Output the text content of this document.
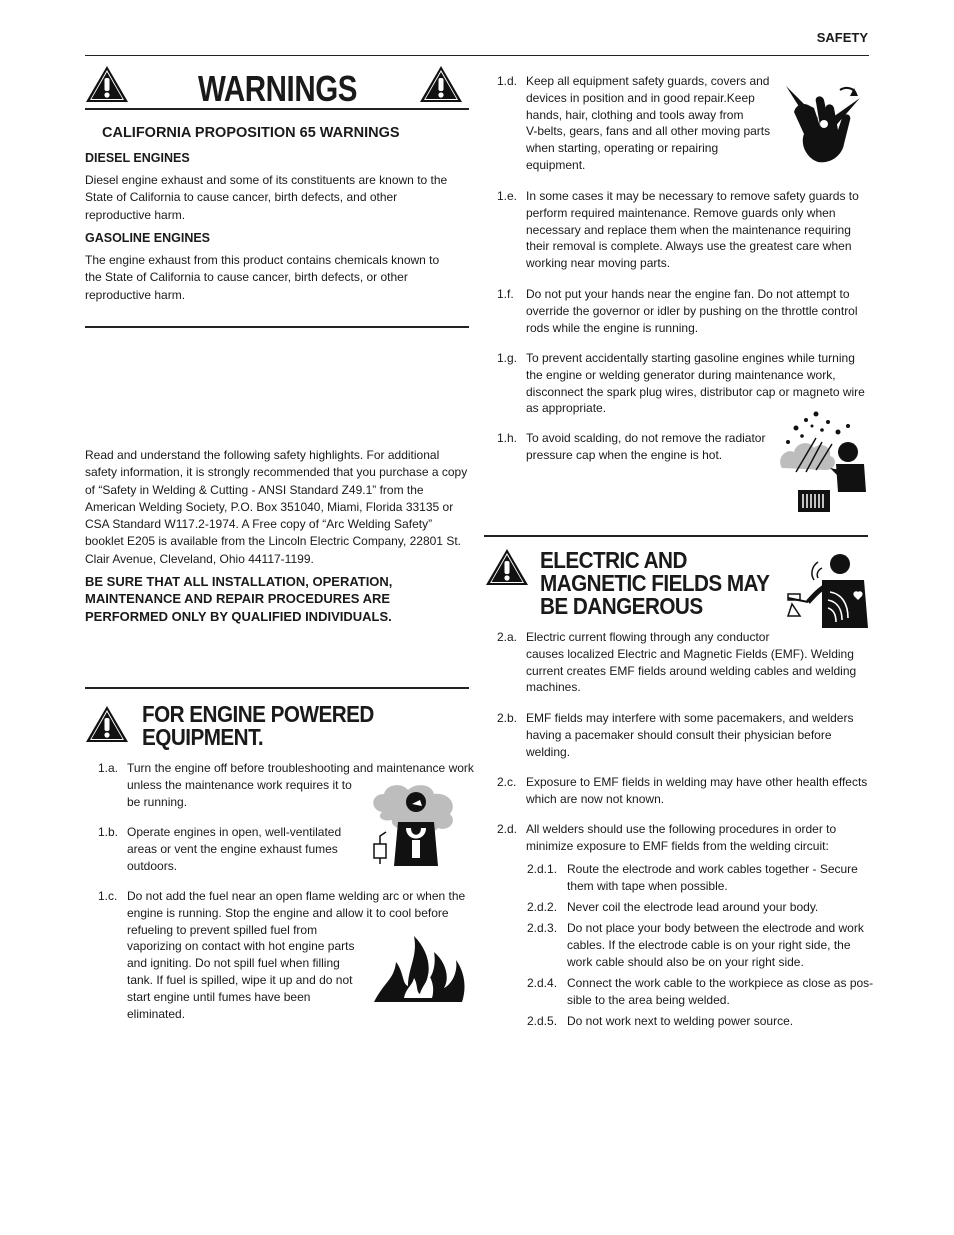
SAFETY
WARNINGS
CALIFORNIA PROPOSITION 65 WARNINGS
DIESEL ENGINES
Diesel engine exhaust and some of its constituents are known to the State of California to cause cancer, birth defects, and other reproductive harm.
GASOLINE ENGINES
The engine exhaust from this product contains chemicals known to the State of California to cause cancer, birth defects, or other reproductive harm.
Read and understand the following safety highlights. For additional safety information, it is strongly recommended that you purchase a copy of “Safety in Welding & Cutting - ANSI Standard Z49.1” from the American Welding Society, P.O. Box 351040, Miami, Florida 33135 or CSA Standard W117.2-1974. A Free copy of “Arc Welding Safety” booklet E205 is available from the Lincoln Electric Company, 22801 St. Clair Avenue, Cleveland, Ohio 44117-1199.
BE SURE THAT ALL INSTALLATION, OPERATION, MAINTENANCE AND REPAIR PROCEDURES ARE PERFORMED ONLY BY QUALIFIED INDIVIDUALS.
FOR ENGINE POWERED
EQUIPMENT.
1.a. Turn the engine off before troubleshooting and maintenance work
unless the maintenance work requires it to
be running.
1.b. Operate engines in open, well-ventilated
areas or vent the engine exhaust fumes
outdoors.
1.c. Do not add the fuel near an open flame welding arc or when the
engine is running. Stop the engine and allow it to cool before
refueling to prevent spilled fuel from
vaporizing on contact with hot engine parts
and igniting. Do not spill fuel when filling
tank. If fuel is spilled, wipe it up and do not
start engine until fumes have been
eliminated.
1.d. Keep all equipment safety guards, covers and
devices in position and in good repair.Keep
hands, hair, clothing and tools away from
V-belts, gears, fans and all other moving parts
when starting, operating or repairing
equipment.
1.e. In some cases it may be necessary to remove safety guards to
perform required maintenance. Remove guards only when
necessary and replace them when the maintenance requiring
their removal is complete. Always use the greatest care when
working near moving parts.
1.f. Do not put your hands near the engine fan. Do not attempt to
override the governor or idler by pushing on the throttle control
rods while the engine is running.
1.g. To prevent accidentally starting gasoline engines while turning
the engine or welding generator during maintenance work,
disconnect the spark plug wires, distributor cap or magneto wire
as appropriate.
1.h. To avoid scalding, do not remove the radiator
pressure cap when the engine is hot.
ELECTRIC AND
MAGNETIC FIELDS MAY
BE DANGEROUS
2.a. Electric current flowing through any conductor
causes localized Electric and Magnetic Fields (EMF). Welding
current creates EMF fields around welding cables and welding
machines.
2.b. EMF fields may interfere with some pacemakers, and welders
having a pacemaker should consult their physician before
welding.
2.c. Exposure to EMF fields in welding may have other health effects
which are now not known.
2.d. All welders should use the following procedures in order to
minimize exposure to EMF fields from the welding circuit:
2.d.1. Route the electrode and work cables together - Secure
them with tape when possible.
2.d.2. Never coil the electrode lead around your body.
2.d.3. Do not place your body between the electrode and work
cables. If the electrode cable is on your right side, the
work cable should also be on your right side.
2.d.4. Connect the work cable to the workpiece as close as pos-
sible to the area being welded.
2.d.5. Do not work next to welding power source.
